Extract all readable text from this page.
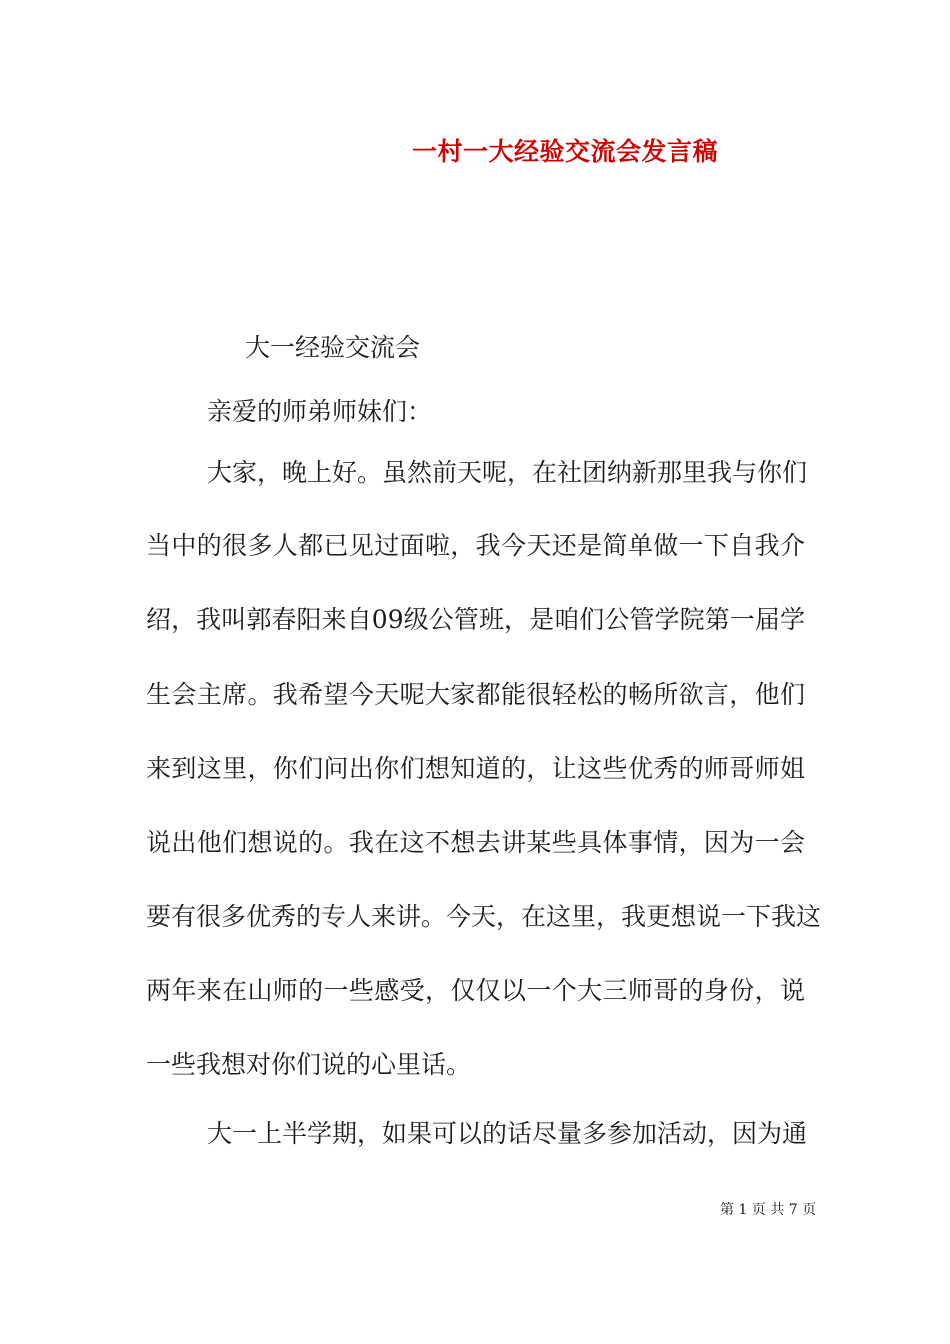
一村一大经验交流会发言稿
大一经验交流会
亲爱的师弟师妹们：
大家，晚上好。虽然前天呢，在社团纳新那里我与你们
当中的很多人都已见过面啦，我今天还是简单做一下自我介
绍，我叫郭春阳来自09级公管班，是咱们公管学院第一届学
生会主席。我希望今天呢大家都能很轻松的畅所欲言，他们
来到这里，你们问出你们想知道的，让这些优秀的师哥师姐
说出他们想说的。我在这不想去讲某些具体事情，因为一会
要有很多优秀的专人来讲。今天，在这里，我更想说一下我这
两年来在山师的一些感受，仅仅以一个大三师哥的身份，说
一些我想对你们说的心里话。
大一上半学期，如果可以的话尽量多参加活动，因为通
第 1 页 共 7 页
